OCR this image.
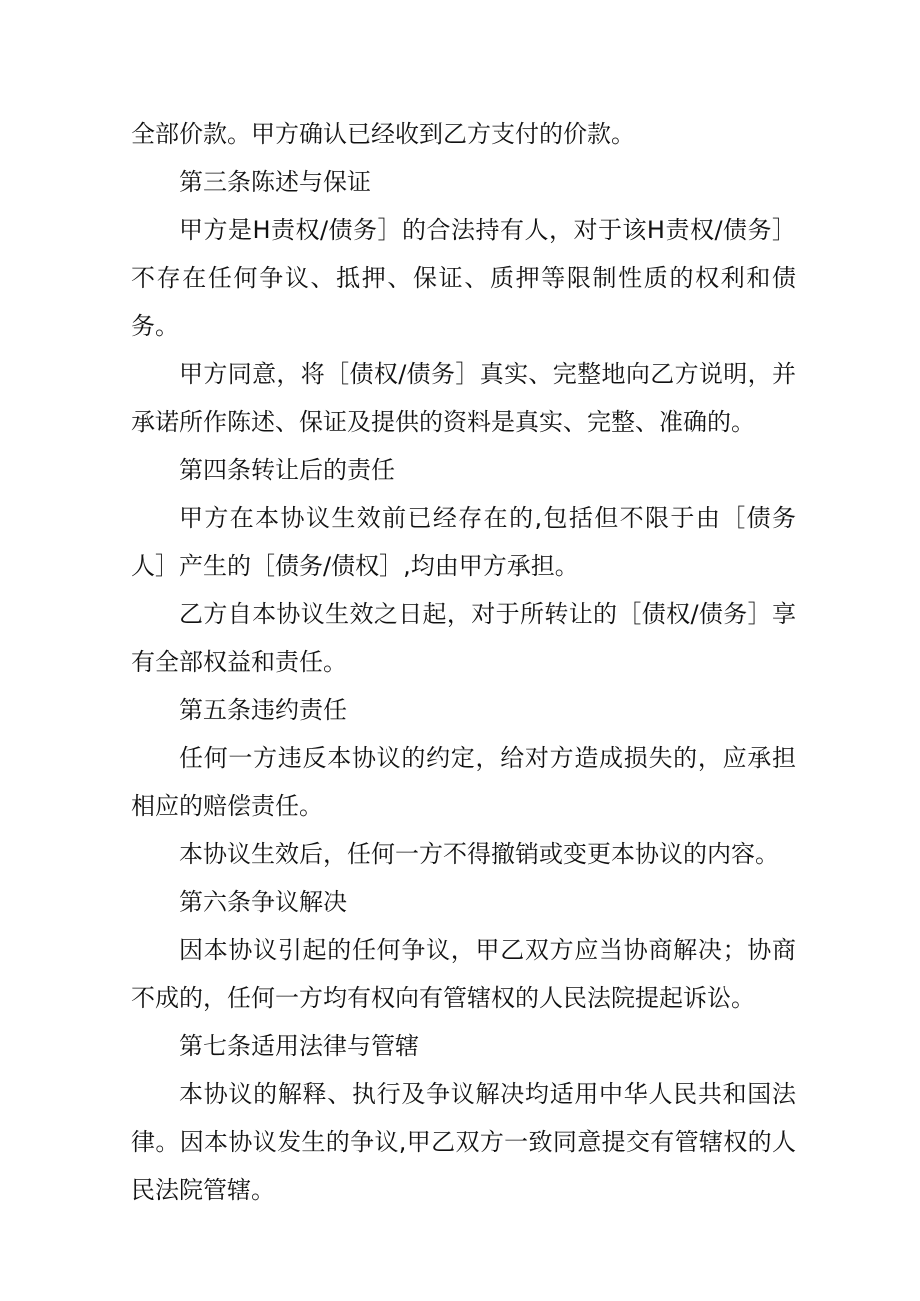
全部价款。甲方确认已经收到乙方支付的价款。

第三条陈述与保证

甲方是H责权/债务］的合法持有人，对于该H责权/债务］不存在任何争议、抵押、保证、质押等限制性质的权利和债务。

甲方同意，将［债权/债务］真实、完整地向乙方说明，并承诺所作陈述、保证及提供的资料是真实、完整、准确的。

第四条转让后的责任

甲方在本协议生效前已经存在的,包括但不限于由［债务人］产生的［债务/债权］,均由甲方承担。

乙方自本协议生效之日起，对于所转让的［债权/债务］享有全部权益和责任。

第五条违约责任

任何一方违反本协议的约定，给对方造成损失的，应承担相应的赔偿责任。

本协议生效后，任何一方不得撤销或变更本协议的内容。

第六条争议解决

因本协议引起的任何争议，甲乙双方应当协商解决；协商不成的，任何一方均有权向有管辖权的人民法院提起诉讼。

第七条适用法律与管辖

本协议的解释、执行及争议解决均适用中华人民共和国法律。因本协议发生的争议,甲乙双方一致同意提交有管辖权的人民法院管辖。
